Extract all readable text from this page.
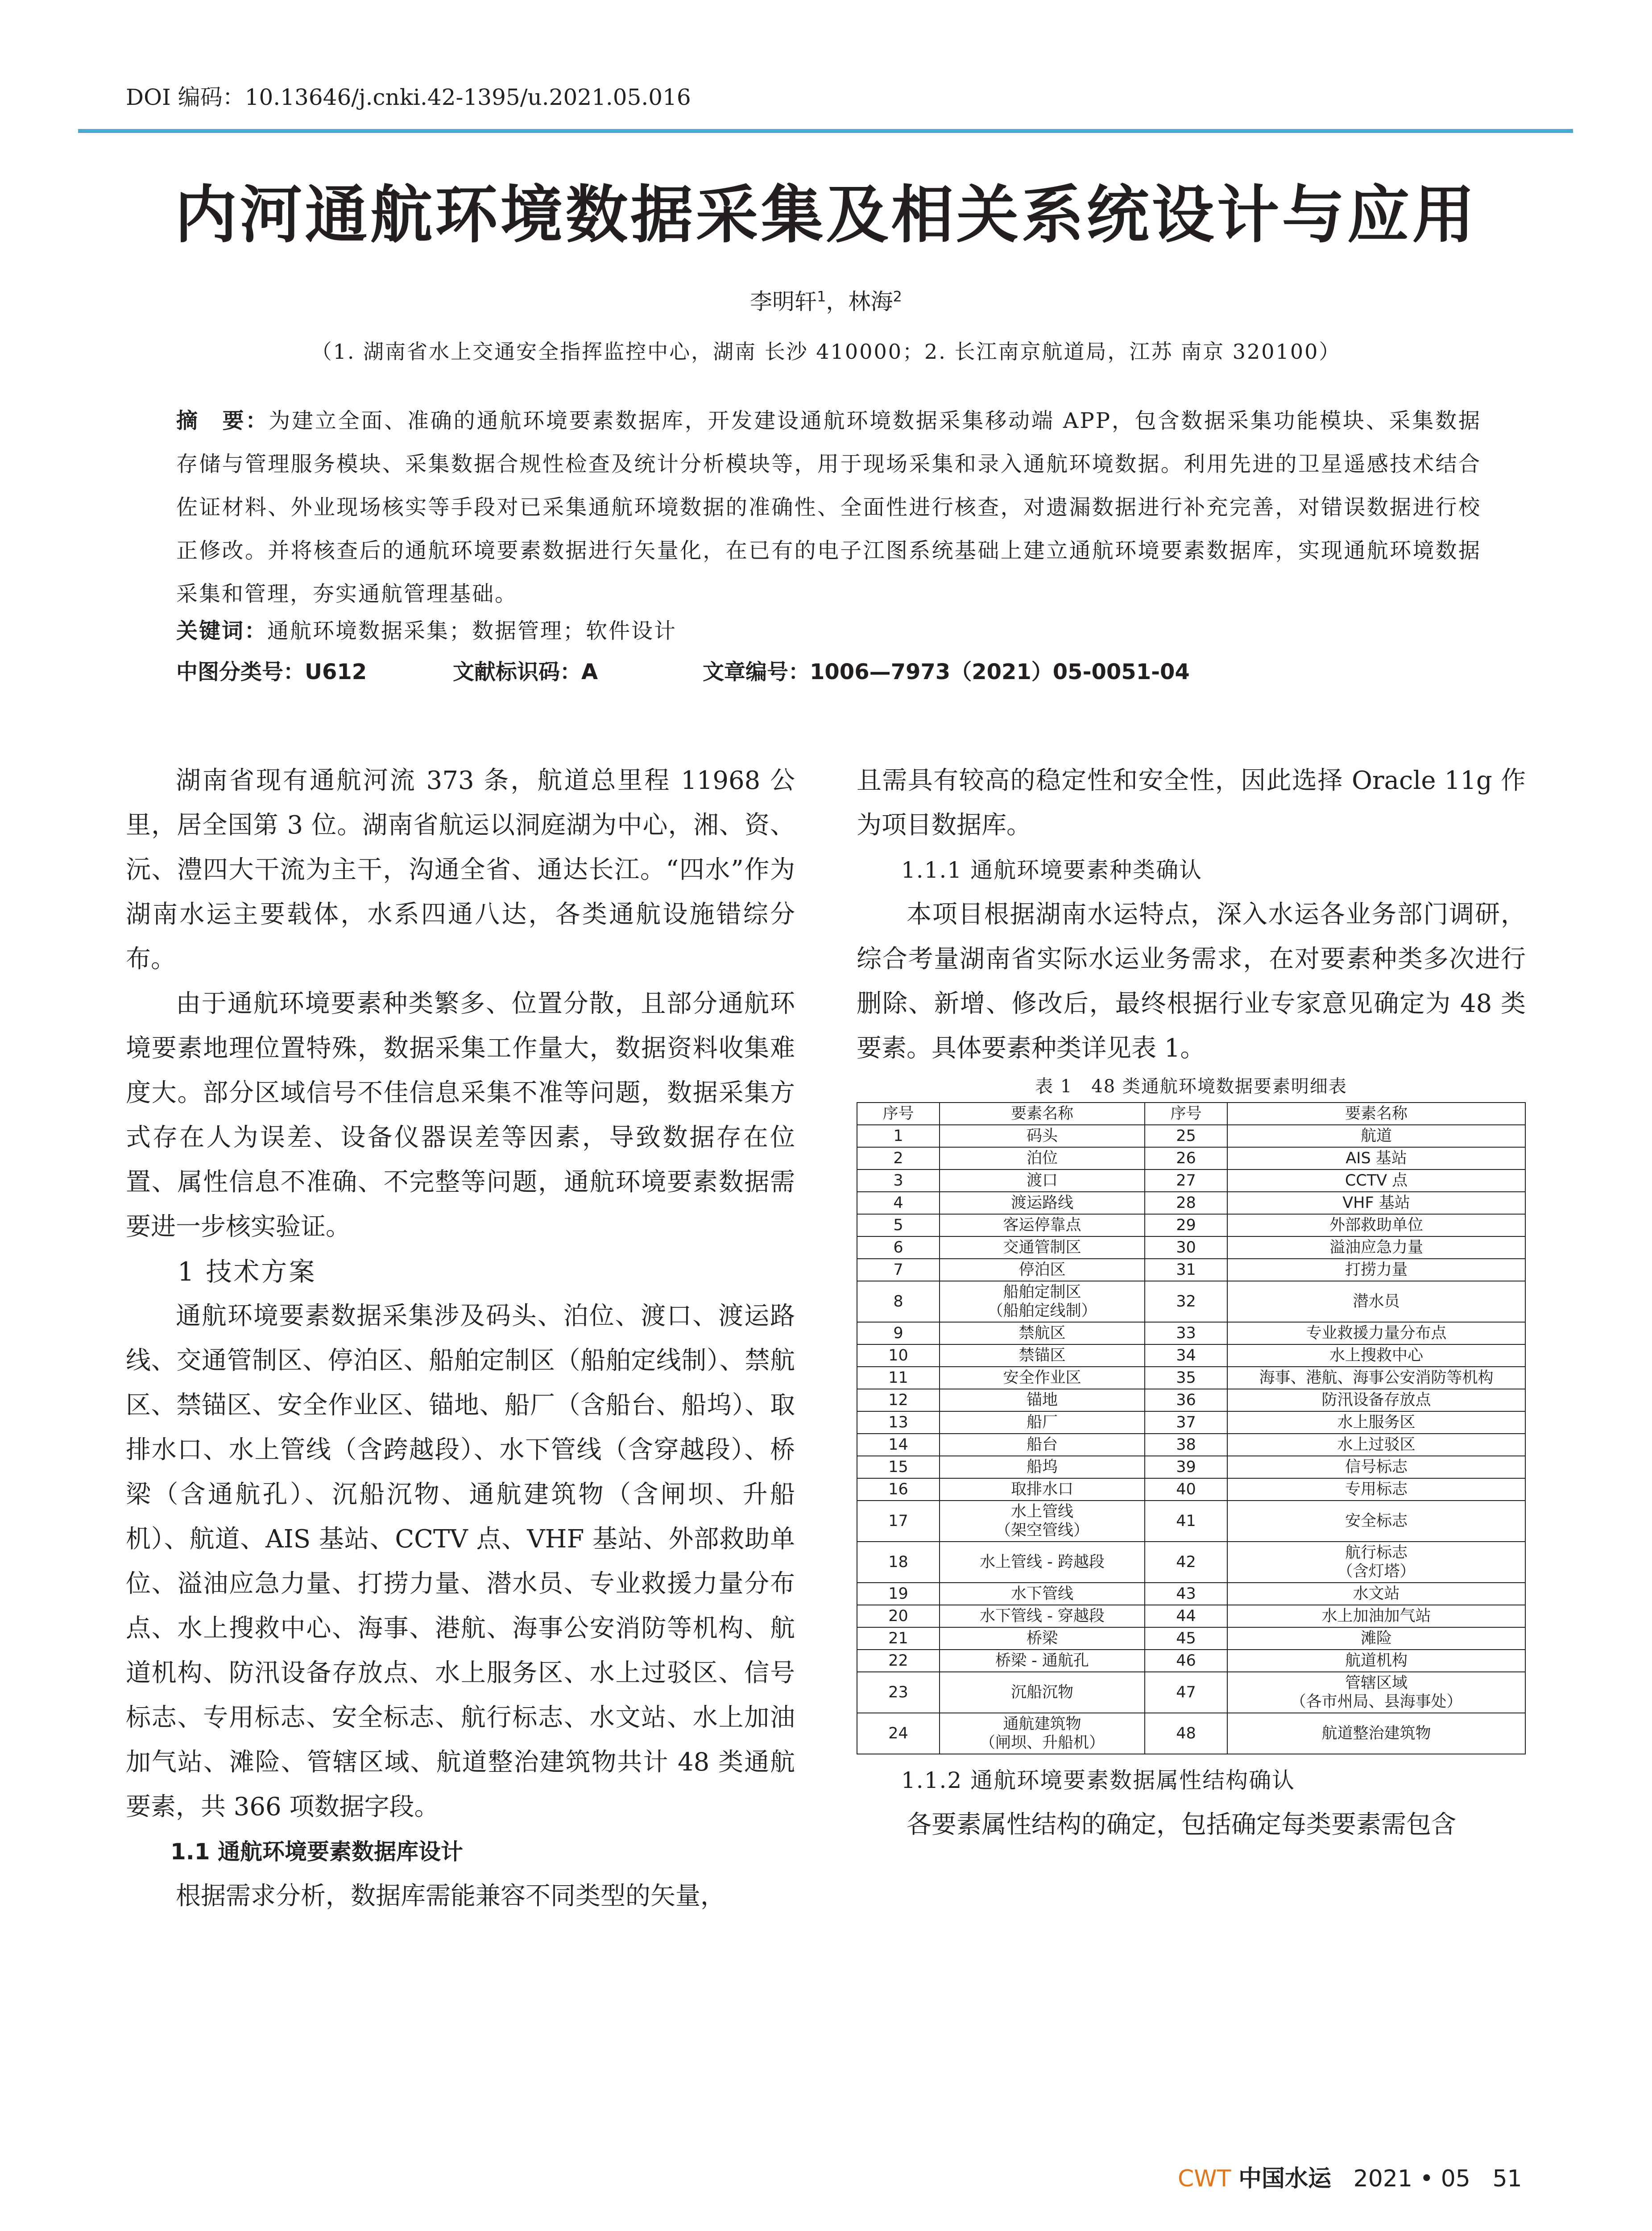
DOI 编码：10.13646/j.cnki.42-1395/u.2021.05.016
内河通航环境数据采集及相关系统设计与应用
李明轩$^1$，林海$^2$
（1. 湖南省水上交通安全指挥监控中心，湖南 长沙 410000；2. 长江南京航道局，江苏 南京 320100）
摘　要：为建立全面、准确的通航环境要素数据库，开发建设通航环境数据采集移动端 APP，包含数据采集功能模块、采集数据存储与管理服务模块、采集数据合规性检查及统计分析模块等，用于现场采集和录入通航环境数据。利用先进的卫星遥感技术结合佐证材料、外业现场核实等手段对已采集通航环境数据的准确性、全面性进行核查，对遗漏数据进行补充完善，对错误数据进行校正修改。并将核查后的通航环境要素数据进行矢量化，在已有的电子江图系统基础上建立通航环境要素数据库，实现通航环境数据采集和管理，夯实通航管理基础。
关键词：通航环境数据采集；数据管理；软件设计
中图分类号：U612	文献标识码：A	文章编号：1006—7973（2021）05-0051-04

湖南省现有通航河流 373 条，航道总里程 11968 公里，居全国第 3 位。湖南省航运以洞庭湖为中心，湘、资、沅、澧四大干流为主干，沟通全省、通达长江。“四水”作为湖南水运主要载体，水系四通八达，各类通航设施错综分布。

由于通航环境要素种类繁多、位置分散，且部分通航环境要素地理位置特殊，数据采集工作量大，数据资料收集难度大。部分区域信号不佳信息采集不准等问题，数据采集方式存在人为误差、设备仪器误差等因素，导致数据存在位置、属性信息不准确、不完整等问题，通航环境要素数据需要进一步核实验证。

1 技术方案

通航环境要素数据采集涉及码头、泊位、渡口、渡运路线、交通管制区、停泊区、船舶定制区（船舶定线制）、禁航区、禁锚区、安全作业区、锚地、船厂（含船台、船坞）、取排水口、水上管线（含跨越段）、水下管线（含穿越段）、桥梁（含通航孔）、沉船沉物、通航建筑物（含闸坝、升船机）、航道、AIS 基站、CCTV 点、VHF 基站、外部救助单位、溢油应急力量、打捞力量、潜水员、专业救援力量分布点、水上搜救中心、海事、港航、海事公安消防等机构、航道机构、防汛设备存放点、水上服务区、水上过驳区、信号标志、专用标志、安全标志、航行标志、水文站、水上加油加气站、滩险、管辖区域、航道整治建筑物共计 48 类通航要素，共 366 项数据字段。

1.1 通航环境要素数据库设计

根据需求分析，数据库需能兼容不同类型的矢量，

且需具有较高的稳定性和安全性，因此选择 Oracle 11g 作为项目数据库。

1.1.1 通航环境要素种类确认

本项目根据湖南水运特点，深入水运各业务部门调研，综合考量湖南省实际水运业务需求，在对要素种类多次进行删除、新增、修改后，最终根据行业专家意见确定为 48 类要素。具体要素种类详见表 1。

表 1　48 类通航环境数据要素明细表
序号	要素名称	序号	要素名称
1	码头	25	航道
2	泊位	26	AIS 基站
3	渡口	27	CCTV 点
4	渡运路线	28	VHF 基站
5	客运停靠点	29	外部救助单位
6	交通管制区	30	溢油应急力量
7	停泊区	31	打捞力量
8	船舶定制区
（船舶定线制）	32	潜水员
9	禁航区	33	专业救援力量分布点
10	禁锚区	34	水上搜救中心
11	安全作业区	35	海事、港航、海事公安消防等机构
12	锚地	36	防汛设备存放点
13	船厂	37	水上服务区
14	船台	38	水上过驳区
15	船坞	39	信号标志
16	取排水口	40	专用标志
17	水上管线
（架空管线）	41	安全标志
18	水上管线 - 跨越段	42	航行标志
（含灯塔）
19	水下管线	43	水文站
20	水下管线 - 穿越段	44	水上加油加气站
21	桥梁	45	滩险
22	桥梁 - 通航孔	46	航道机构
23	沉船沉物	47	管辖区域
（各市州局、县海事处）
24	通航建筑物
（闸坝、升船机）	48	航道整治建筑物

1.1.2 通航环境要素数据属性结构确认

各要素属性结构的确定，包括确定每类要素需包含

CWT 中国水运 2021 • 05 51
